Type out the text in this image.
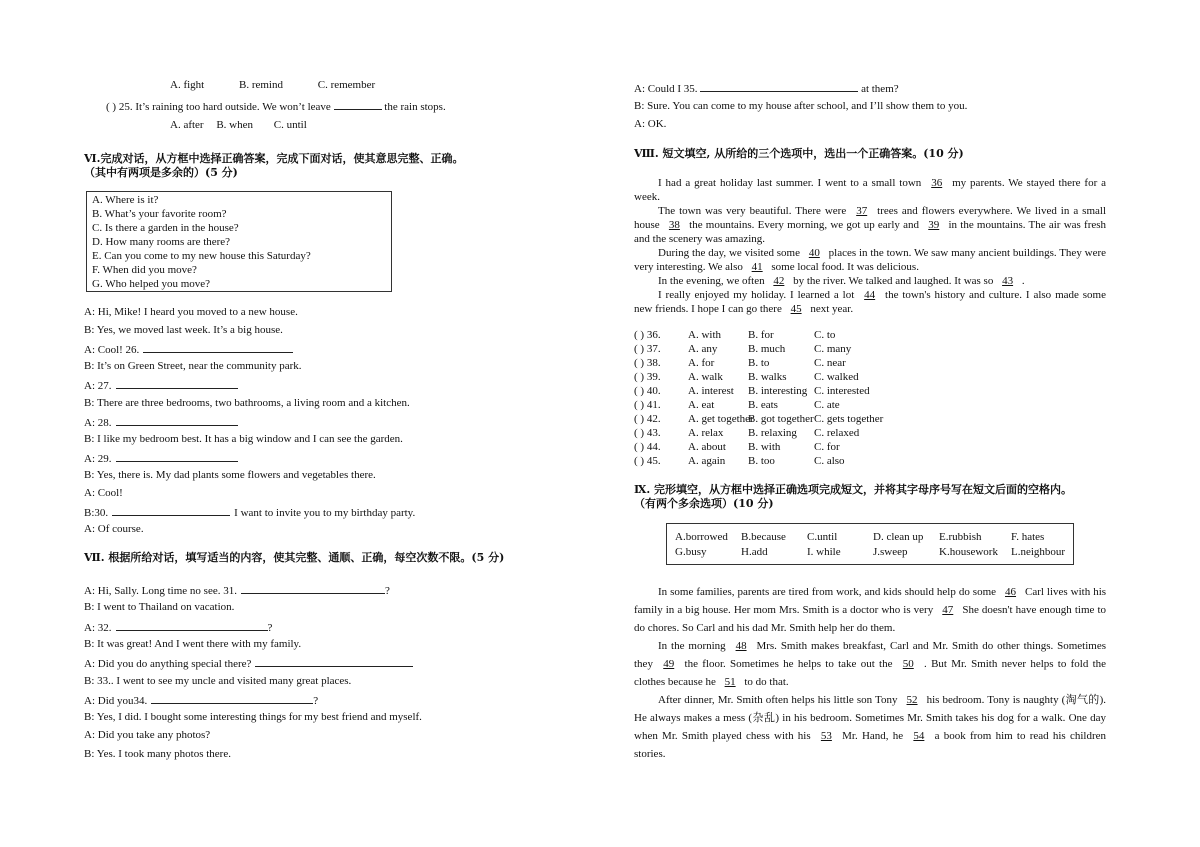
A. fight	B. remind	C. remember
( ) 25. It’s raining too hard outside. We won’t leave	the rain stops.
A. after B. when C. until
Ⅵ.完成对话，从方框中选择正确答案，完成下面对话，使其意思完整、正确。
（其中有两项是多余的）(5 分)
A. Where is it?
B. What’s your favorite room?
C. Is there a garden in the house?
D. How many rooms are there?
E. Can you come to my new house this Saturday?
F. When did you move?
G. Who helped you move?
A: Hi, Mike! I heard you moved to a new house.
B: Yes, we moved last week. It’s a big house.
A: Cool! 26.
B: It’s on Green Street, near the community park.
A: 27.
B: There are three bedrooms, two bathrooms, a living room and a kitchen.
A: 28.
B: I like my bedroom best. It has a big window and I can see the garden.
A: 29.
B: Yes, there is. My dad plants some flowers and vegetables there.
A: Cool!
B:30.	I want to invite you to my birthday party.
A: Of course.
Ⅶ. 根据所给对话，填写适当的内容，使其完整、通顺、正确，每空次数不限。(5 分)
A: Hi, Sally. Long time no see. 31.	?
B: I went to Thailand on vacation.
A: 32.	?
B: It was great! And I went there with my family.
A: Did you do anything special there?
B: 33.. I went to see my uncle and visited many great places.
A: Did you34.	?
B: Yes, I did. I bought some interesting things for my best friend and myself.
A: Did you take any photos?
B: Yes. I took many photos there.
A: Could I 35.	at them?
B: Sure. You can come to my house after school, and I’ll show them to you.
A: OK.
Ⅷ. 短文填空, 从所给的三个选项中，选出一个正确答案。(10 分)
I had a great holiday last summer. I went to a small town 36 my parents. We stayed there for a week.
The town was very beautiful. There were 37 trees and flowers everywhere. We lived in a small house 38 the mountains. Every morning, we got up early and 39 in the mountains. The air was fresh and the scenery was amazing.
During the day, we visited some 40 places in the town. We saw many ancient buildings. They were very interesting. We also 41 some local food. It was delicious.
In the evening, we often 42 by the river. We talked and laughed. It was so 43 .
I really enjoyed my holiday. I learned a lot 44 the town's history and culture. I also made some new friends. I hope I can go there 45 next year.
( ) 36. A. with B. for	C. to
( ) 37. A. any	B. much	C. many
( ) 38. A. for	B. to	C. near
( ) 39. A. walk B. walks	C. walked
( ) 40. A. interest B. interesting C. interested
( ) 41. A. eat	B. eats	C. ate
( ) 42. A. get togetherB. got togetherC. gets together
( ) 43. A. relax B. relaxing C. relaxed
( ) 44. A. about B. with	C. for
( ) 45. A. again B. too	C. also
Ⅸ. 完形填空，从方框中选择正确选项完成短文，并将其字母序号写在短文后面的空格内。
（有两个多余选项）(10 分)
A.borrowed B.because C.until	D. clean up E.rubbish	F. hates
G.busy	H.add	I. while	J.sweep	K.housework L.neighbour
In some families, parents are tired from work, and kids should help do some 46 Carl lives with his family in a big house. Her mom Mrs. Smith is a doctor who is very 47 She doesn't have enough time to do chores. So Carl and his dad Mr. Smith help her do them.
In the morning 48 Mrs. Smith makes breakfast, Carl and Mr. Smith do other things. Sometimes they 49 the floor. Sometimes he helps to take out the 50 . But Mr. Smith never helps to fold the clothes because he 51 to do that.
After dinner, Mr. Smith often helps his little son Tony 52 his bedroom. Tony is naughty (淘气的). He always makes a mess (杂乱) in his bedroom. Sometimes Mr. Smith takes his dog for a walk. One day when Mr. Smith played chess with his 53 Mr. Hand, he 54 a book from him to read his children stories.
